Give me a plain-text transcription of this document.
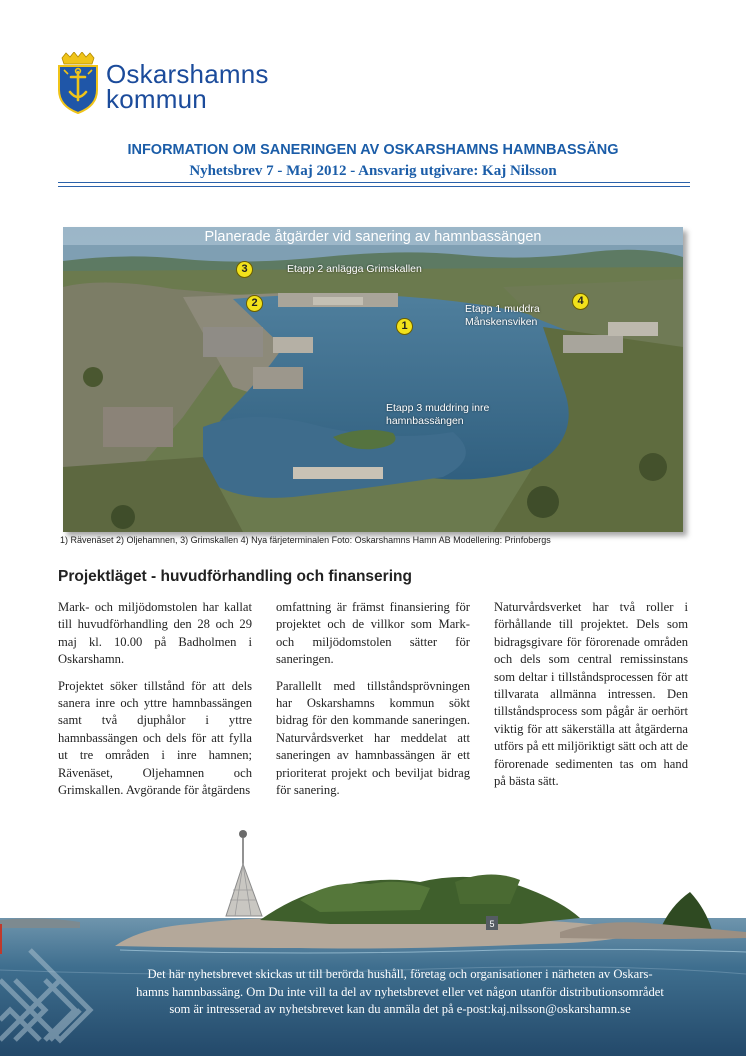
Oskarshamns
kommun
INFORMATION OM SANERINGEN AV OSKARSHAMNS HAMNBASSÄNG
Nyhetsbrev 7 - Maj 2012 - Ansvarig utgivare: Kaj Nilsson
Planerade åtgärder vid sanering av hamnbassängen
3	Etapp 2 anlägga Grimskallen
2	4
Etapp 1 muddra
Månskensviken
1
Etapp 3 muddring inre
hamnbassängen
1) Rävenäset 2) Oljehamnen, 3) Grimskallen 4) Nya färjeterminalen Foto: Oskarshamns Hamn AB Modellering: Prinfobergs
Projektläget - huvudförhandling och finansering

Mark- och miljödomstolen har kallat till huvudförhandling den 28 och 29 maj kl. 10.00 på Badholmen i Oskarshamn.

Projektet söker tillstånd för att dels sanera inre och yttre hamnbassängen samt två djuphålor i yttre hamnbassängen och dels för att fylla ut tre områden i inre hamnen; Rävenäset, Oljehamnen och Grimskallen. Avgörande för åtgärdens

omfattning är främst finansiering för projektet och de villkor som Mark- och miljödomstolen sätter för saneringen.

Parallellt med tillståndsprövningen har Oskarshamns kommun sökt bidrag för den kommande saneringen. Naturvårdsverket har meddelat att saneringen av hamnbassängen är ett prioriterat projekt och beviljat bidrag för sanering.

Naturvårdsverket har två roller i förhållande till projektet. Dels som bidragsgivare för förorenade områden och dels som central remissinstans som deltar i tillståndsprocessen för att tillvarata allmänna intressen. Den tillståndsprocess som pågår är oerhört viktig för att säkerställa att åtgärderna utförs på ett miljöriktigt sätt och att de förorenade sedimenten tas om hand på bästa sätt.

5
Det här nyhetsbrevet skickas ut till berörda hushåll, företag och organisationer i närheten av Oskars-
hamns hamnbassäng. Om Du inte vill ta del av nyhetsbrevet eller vet någon utanför distributionsområdet
som är intresserad av nyhetsbrevet kan du anmäla det på e-post:kaj.nilsson@oskarshamn.se
